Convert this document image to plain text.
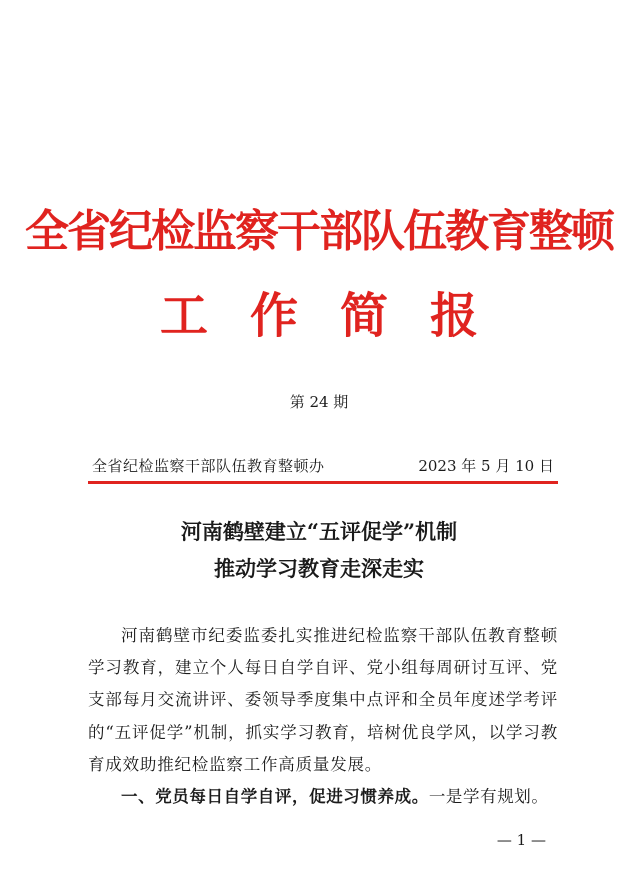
全省纪检监察干部队伍教育整顿
工作简报
第 24 期
全省纪检监察干部队伍教育整顿办	2023 年 5 月 10 日
河南鹤壁建立“五评促学”机制
推动学习教育走深走实

河南鹤壁市纪委监委扎实推进纪检监察干部队伍教育整顿学习教育，建立个人每日自学自评、党小组每周研讨互评、党支部每月交流讲评、委领导季度集中点评和全员年度述学考评的“五评促学”机制，抓实学习教育，培树优良学风，以学习教育成效助推纪检监察工作高质量发展。

一、党员每日自学自评，促进习惯养成。一是学有规划。

— 1 —
